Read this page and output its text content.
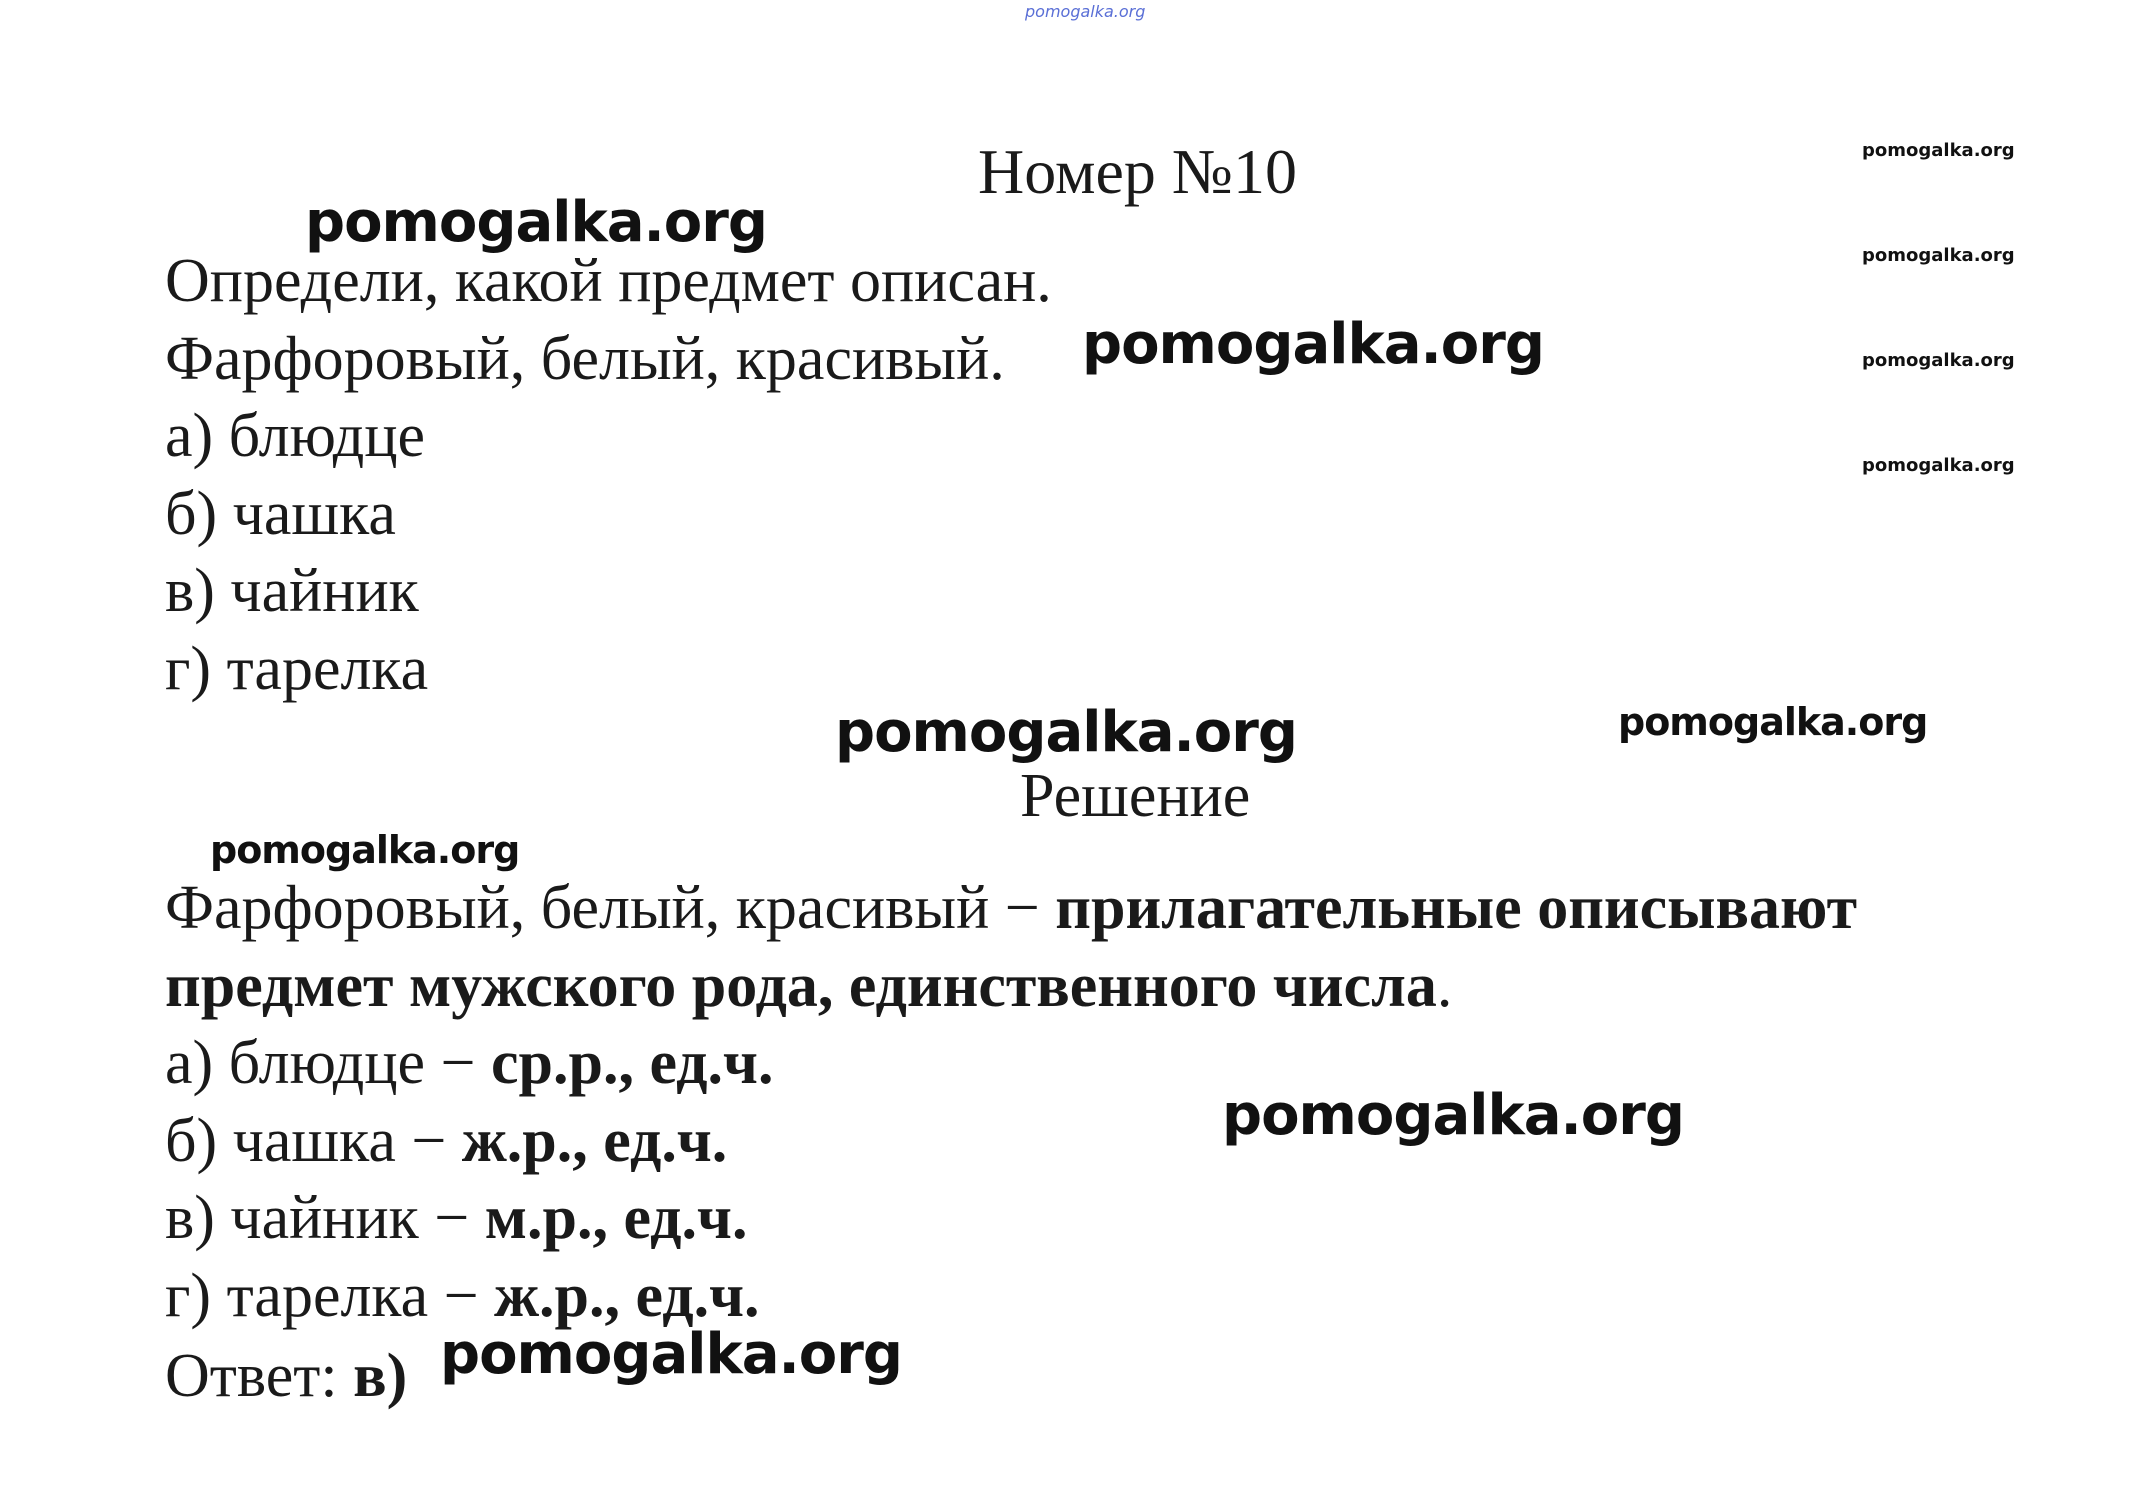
pomogalka.org
Номер №10	pomogalka.org
pomogalka.org
pomogalka.org
pomogalka.org
pomogalka.org
Определи, какой предмет описан.
Фарфоровый, белый, красивый. pomogalka.org
а) блюдце
б) чашка
в) чайник
г) тарелка
pomogalka.org	pomogalka.org
Решение
pomogalka.org
Фарфоровый, белый, красивый − прилагательные описывают
предмет мужского рода, единственного числа.
а) блюдце − ср.р., ед.ч.
б) чашка − ж.р., ед.ч.
в) чайник − м.р., ед.ч.
г) тарелка − ж.р., ед.ч.
pomogalka.org
Ответ: в) pomogalka.org
